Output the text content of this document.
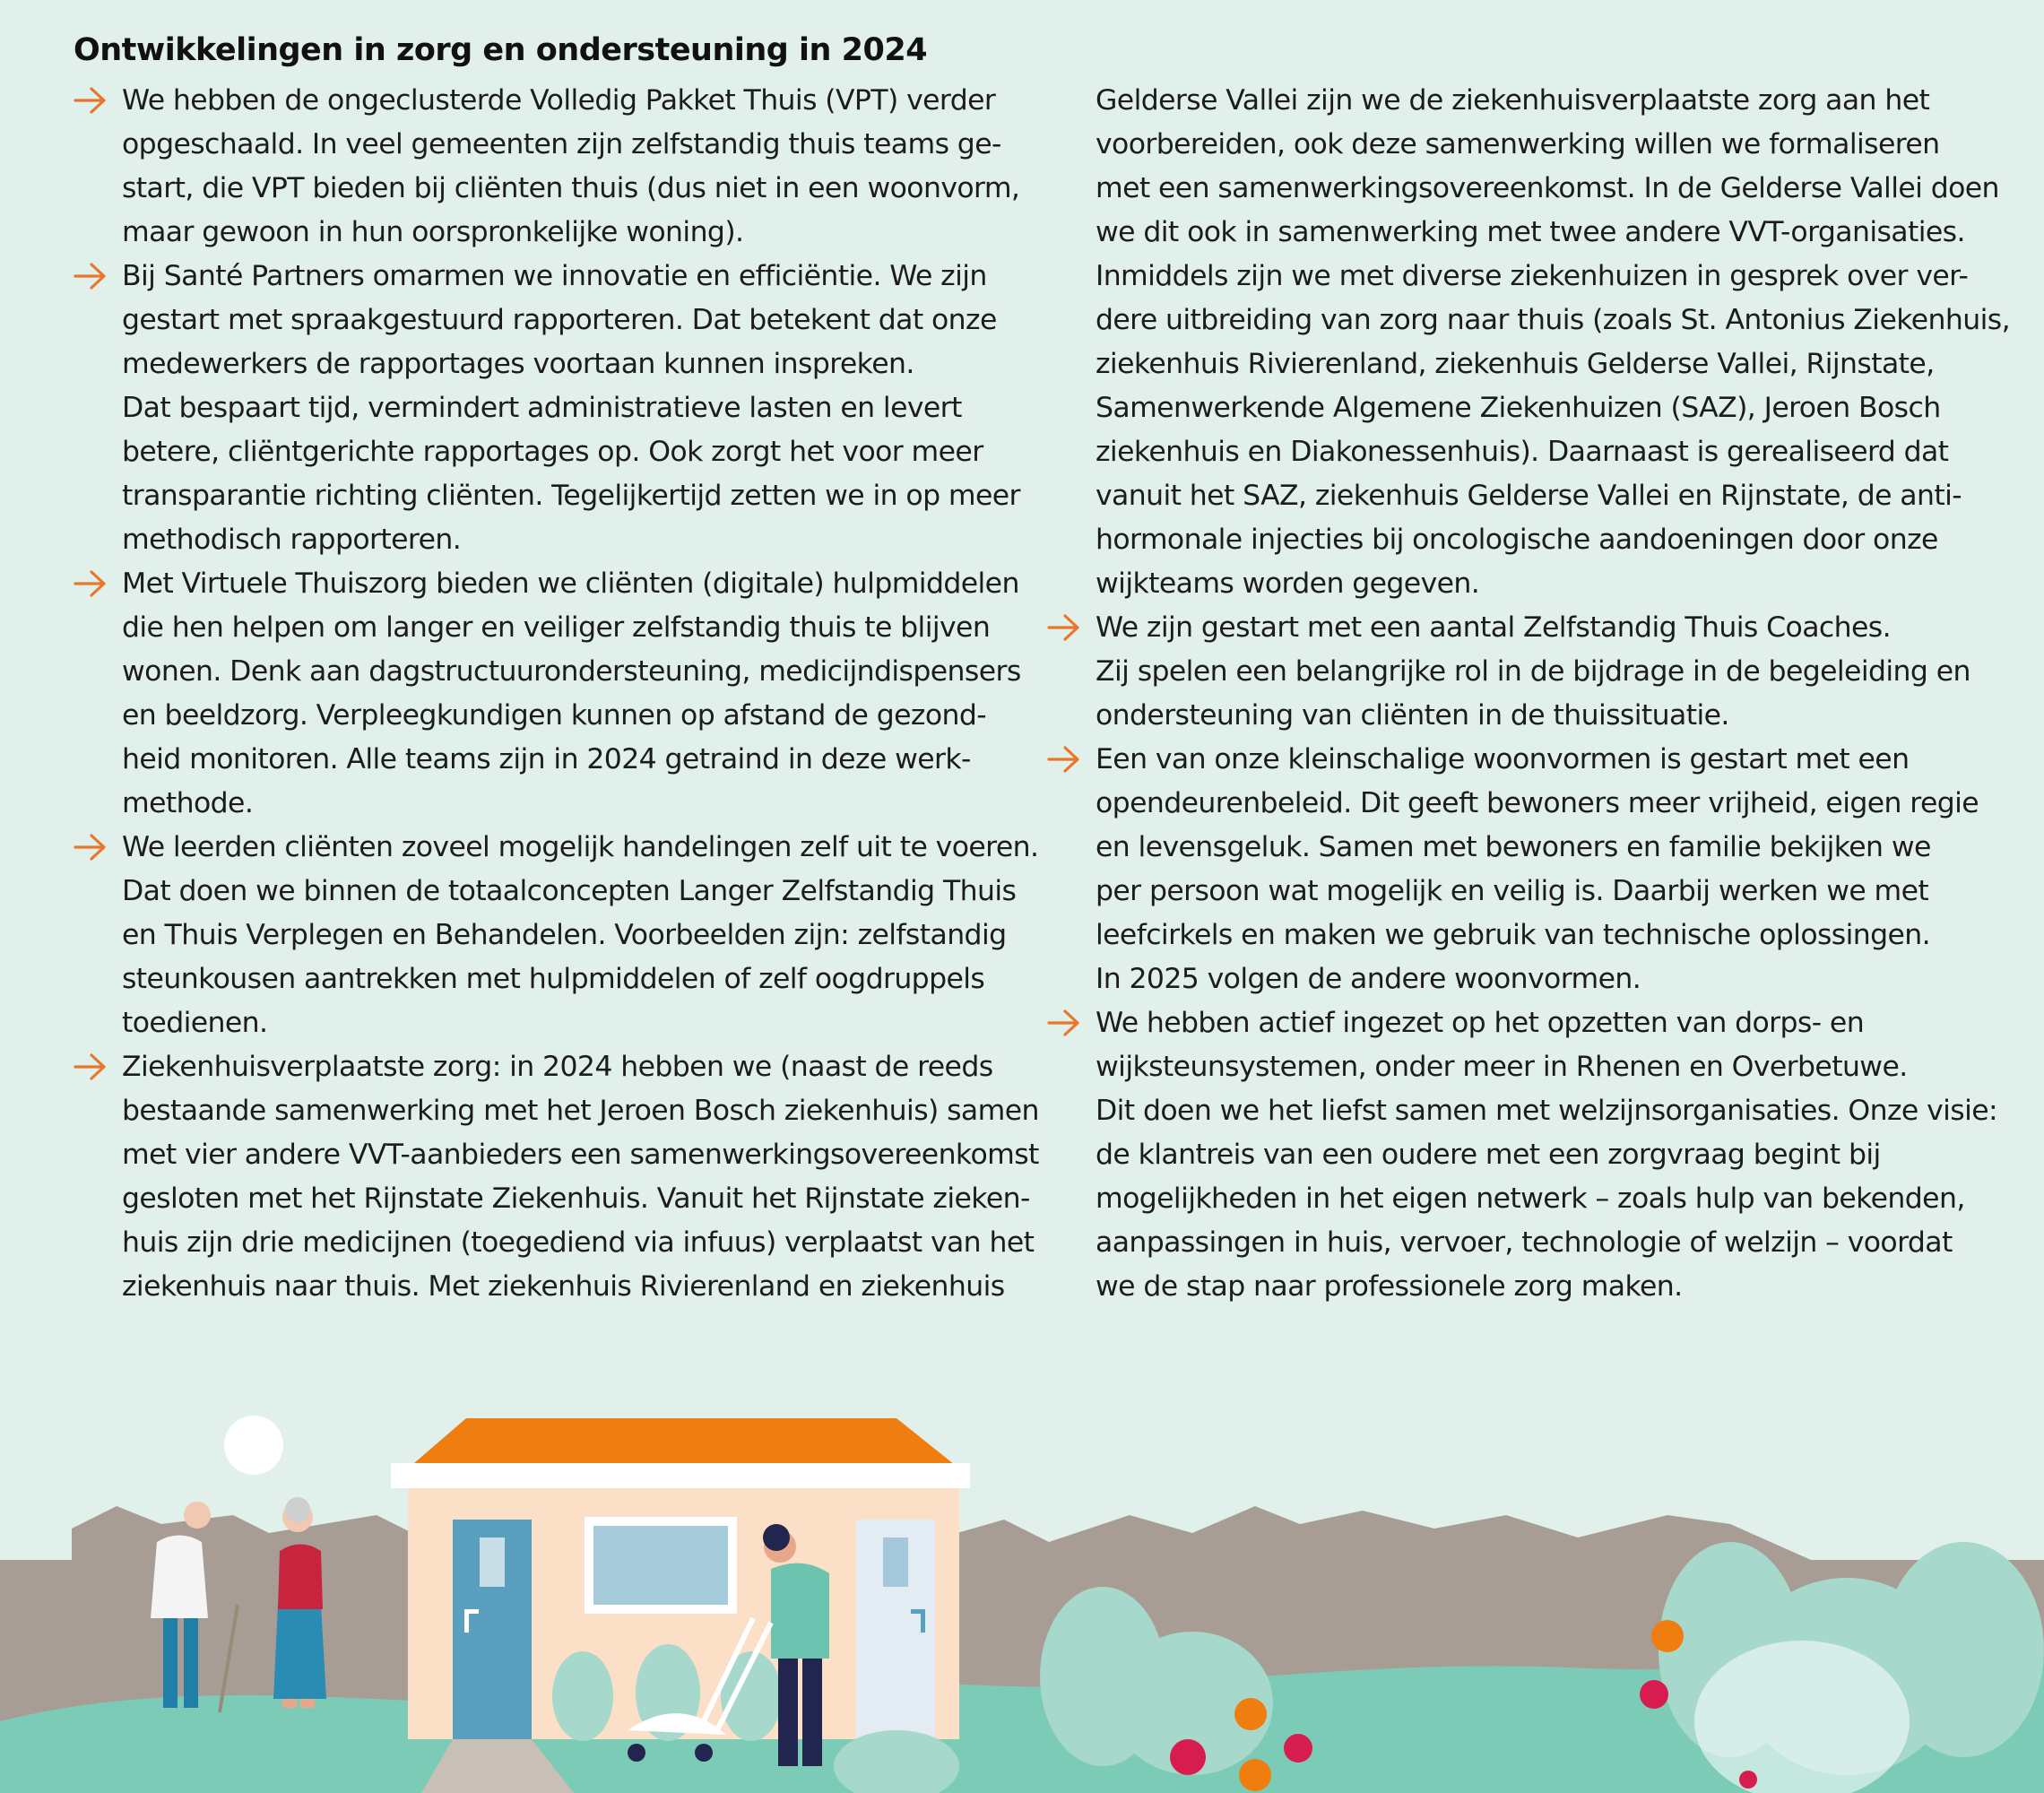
Ontwikkelingen in zorg en ondersteuning in 2024
We hebben de ongeclusterde Volledig Pakket Thuis (VPT) verder
opgeschaald. In veel gemeenten zijn zelfstandig thuis teams ge-
start, die VPT bieden bij cliënten thuis (dus niet in een woonvorm,
maar gewoon in hun oorspronkelijke woning).
Bij Santé Partners omarmen we innovatie en efficiëntie. We zijn
gestart met spraakgestuurd rapporteren. Dat betekent dat onze
medewerkers de rapportages voortaan kunnen inspreken.
Dat bespaart tijd, vermindert administratieve lasten en levert
betere, cliëntgerichte rapportages op. Ook zorgt het voor meer
transparantie richting cliënten. Tegelijkertijd zetten we in op meer
methodisch rapporteren.
Met Virtuele Thuiszorg bieden we cliënten (digitale) hulpmiddelen
die hen helpen om langer en veiliger zelfstandig thuis te blijven
wonen. Denk aan dagstructuurondersteuning, medicijndispensers
en beeldzorg. Verpleegkundigen kunnen op afstand de gezond-
heid monitoren. Alle teams zijn in 2024 getraind in deze werk-
methode.
We leerden cliënten zoveel mogelijk handelingen zelf uit te voeren.
Dat doen we binnen de totaalconcepten Langer Zelfstandig Thuis
en Thuis Verplegen en Behandelen. Voorbeelden zijn: zelfstandig
steunkousen aantrekken met hulpmiddelen of zelf oogdruppels
toedienen.
Ziekenhuisverplaatste zorg: in 2024 hebben we (naast de reeds
bestaande samenwerking met het Jeroen Bosch ziekenhuis) samen
met vier andere VVT-aanbieders een samenwerkingsovereenkomst
gesloten met het Rijnstate Ziekenhuis. Vanuit het Rijnstate zieken-
huis zijn drie medicijnen (toegediend via infuus) verplaatst van het
ziekenhuis naar thuis. Met ziekenhuis Rivierenland en ziekenhuis
Gelderse Vallei zijn we de ziekenhuisverplaatste zorg aan het
voorbereiden, ook deze samenwerking willen we formaliseren
met een samenwerkingsovereenkomst. In de Gelderse Vallei doen
we dit ook in samenwerking met twee andere VVT-organisaties.
Inmiddels zijn we met diverse ziekenhuizen in gesprek over ver-
dere uitbreiding van zorg naar thuis (zoals St. Antonius Ziekenhuis,
ziekenhuis Rivierenland, ziekenhuis Gelderse Vallei, Rijnstate,
Samenwerkende Algemene Ziekenhuizen (SAZ), Jeroen Bosch
ziekenhuis en Diakonessenhuis). Daarnaast is gerealiseerd dat
vanuit het SAZ, ziekenhuis Gelderse Vallei en Rijnstate, de anti-
hormonale injecties bij oncologische aandoeningen door onze
wijkteams worden gegeven.
We zijn gestart met een aantal Zelfstandig Thuis Coaches.
Zij spelen een belangrijke rol in de bijdrage in de begeleiding en
ondersteuning van cliënten in de thuissituatie.
Een van onze kleinschalige woonvormen is gestart met een
opendeurenbeleid. Dit geeft bewoners meer vrijheid, eigen regie
en levensgeluk. Samen met bewoners en familie bekijken we
per persoon wat mogelijk en veilig is. Daarbij werken we met
leefcirkels en maken we gebruik van technische oplossingen.
In 2025 volgen de andere woonvormen.
We hebben actief ingezet op het opzetten van dorps- en
wijksteunsystemen, onder meer in Rhenen en Overbetuwe.
Dit doen we het liefst samen met welzijnsorganisaties. Onze visie:
de klantreis van een oudere met een zorgvraag begint bij
mogelijkheden in het eigen netwerk – zoals hulp van bekenden,
aanpassingen in huis, vervoer, technologie of welzijn – voordat
we de stap naar professionele zorg maken.
